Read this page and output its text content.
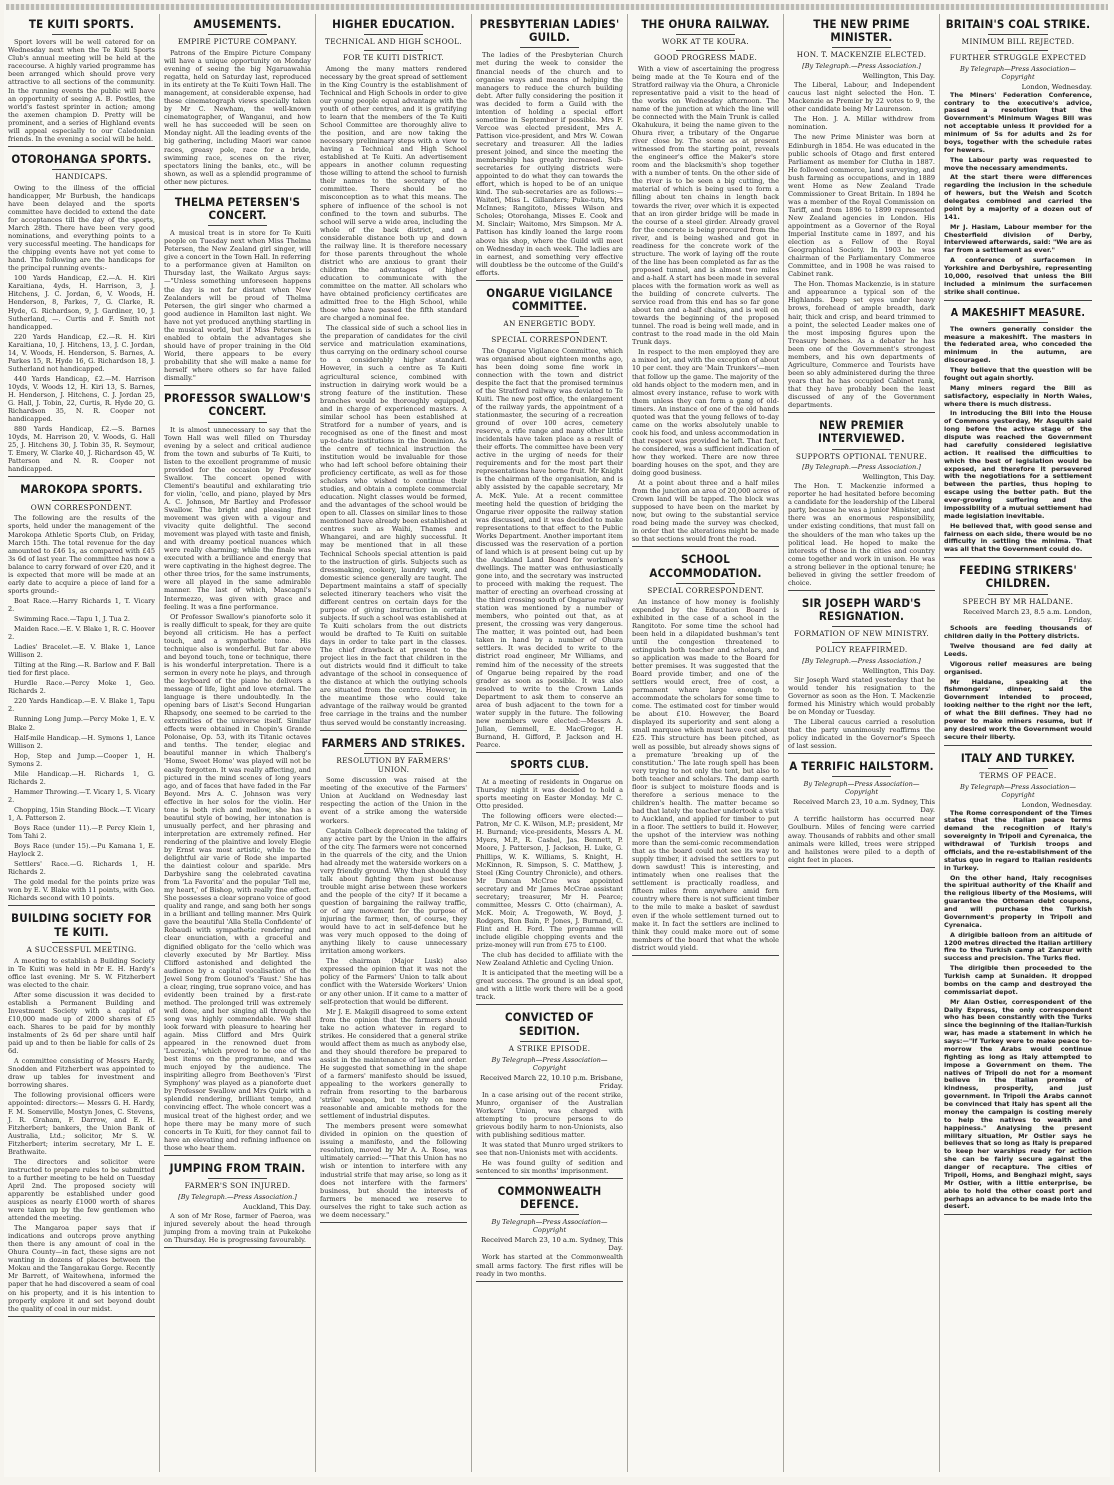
TE KUITI SPORTS.

Sport lovers will be well catered for on Wednesday next when the Te Kuiti Sports Club's annual meeting will be held at the racecourse. A highly varied programme has been arranged which should prove very attractive to all sections of the community. In the running events the public will have an opportunity of seeing A. B. Postles, the world's fastest sprinter in action; among the axemen champion D. Pretty will be prominent, and a series of Highland events will appeal especially to our Caledonian friends. In the evening a social will be held.

OTOROHANGA SPORTS.
HANDICAPS.

Owing to the illness of the official handicapper, Mr Burbush, the handicaps have been delayed and the sports committee have decided to extend the date for acceptances till the day of the sports, March 28th. There have been very good nominations, and everything points to a very successful meeting. The handicaps for the chipping events have not yet come to hand. The following are the handicaps for the principal running events:-

100 Yards Handicap, £2.—A. H. Kiri Karaitiana, 4yds, H. Harrison, 3, J. Hitchens, J. C. Jordan, 6, V. Woods, H. Henderson, 8, Parkes, 7, G. Clarke, R. Hyde, G. Richardson, 9, J. Gardiner, 10, J. Sutherland, —. Curtis and F. Smith not handicapped.

220 Yards Handicap, £2.—R. H. Kiri Karaitiana, 10, J. Hitchens, 13, J. C. Jordan, 14, V. Woods, H. Henderson, S. Barnes, A. Parkes 15, R. Hyde 16, G. Richardson 18, J. Sutherland not handicapped.

440 Yards Handicap, £2.—M. Harrison 10yds, V. Woods 12, H. Kiri 13, S. Barnes, H. Henderson, J. Hitchens, C. J. Jordan 25, G. Hall, J. Tobin, 22, Curtis, R. Hyde 20, G. Richardson 35, N. R. Cooper not handicapped.

880 Yards Handicap, £2.—S. Barnes 10yds, M. Harrison 20, V. Woods, G. Hall 25, J. Hitchens 30, J. Tobin 35, R. Seymour, T. Emery, W. Clarke 40, J. Richardson 45, W. Patterson and N. R. Cooper not handicapped.

MAROKOPA SPORTS.
OWN CORRESPONDENT.

The following are the results of the sports, held under the management of the Marokopa Athletic Sports Club, on Friday, March 15th. The total revenue for the day amounted to £46 1s, as compared with £45 3s 6d of last year. The committee has now a balance to carry forward of over £20, and it is expected that more will be made at an early date to acquire a piece of land for a sports ground:-

Boat Race.—Harry Richards 1, T. Vicary 2.

Swimming Race.—Tapu 1, J. Tua 2.

Maiden Race.—E. V. Blake 1, R. C. Hoover 2.

Ladies' Bracelet.—E. V. Blake 1, Lance Willison 2.

Tilting at the Ring.—R. Barlow and F. Ball tied for first place.

Hurdle Race.—Percy Moke 1, Geo. Richards 2.

220 Yards Handicap.—E. V. Blake 1, Tapu 2.

Running Long Jump.—Percy Moke 1, E. V. Blake 2.

Half-mile Handicap.—H. Symons 1, Lance Willison 2.

Hop, Step and Jump.—Cooper 1, H. Symons 2.

Mile Handicap.—H. Richards 1, G. Richards 2.

Hammer Throwing.—T. Vicary 1, S. Vicary 2.

Chopping, 15in Standing Block.—T. Vicary 1, A. Patterson 2.

Boys Race (under 11).—P. Percy Klein 1, Tom Tahi 2.

Boys Race (under 15).—Pu Kamana 1, E. Haylock 2.

Settlers' Race.—G. Richards 1, H. Richards 2.

The gold medal for the points prize was won by E. V. Blake with 11 points, with Geo. Richards second with 10 points.

BUILDING SOCIETY FOR TE KUITI.
A SUCCESSFUL MEETING.

A meeting to establish a Building Society in Te Kuiti was held in Mr E. H. Hardy's office last evening. Mr S. W. Fitzherbert was elected to the chair.

After some discussion it was decided to establish a Permanent Building and Investment Society with a capital of £10,000 made up of 2000 shares of £5 each. Shares to be paid for by monthly instalments of 2s 6d per share until half paid up and to then be liable for calls of 2s 6d.

A committee consisting of Messrs Hardy, Snodden and Fitzherbert was appointed to draw up tables for investment and borrowing shares.

The following provisional officers were appointed: directors:— Messrs G. H. Hardy, F. M. Somerville, Mostyn Jones, C. Stevens, J. R. Graham, F. Darrow, and E. H. Fitzherbert; bankers, the Union Bank of Australia, Ltd.; solicitor, Mr S. W. Fitzherbert; interim secretary, Mr L. E. Brathwaite.

The directors and solicitor were instructed to prepare rules to be submitted to a further meeting to be held on Tuesday April 2nd. The proposed society will apparently be established under good auspices as nearly £1000 worth of shares were taken up by the few gentlemen who attended the meeting.

The Mangaroa paper says that if indications and outcrops prove anything then there is any amount of coal in the Ohura County—in fact, these signs are not wanting in dozens of places between the Mokau and the Tangarakau Gorge. Recently Mr Barrett, of Waitewhena, informed the paper that he had discovered a seam of coal on his property, and it is his intention to properly explore it and set beyond doubt the quality of coal in our midst.

AMUSEMENTS.
EMPIRE PICTURE COMPANY.

Patrons of the Empire Picture Company will have a unique opportunity on Monday evening of seeing the big Ngaruawahia regatta, held on Saturday last, reproduced in its entirety at the Te Kuiti Town Hall. The management, at considerable expense, had these cinematograph views specially taken by Mr C. Newham, the well-known cinematographer, of Wanganui, and how well he has succeeded will be seen on Monday night. All the leading events of the big gathering, including Maori war canoe races, greasy pole, race for a bride, swimming race, scenes on the river, spectators lining the banks, etc., will be shown, as well as a splendid programme of other new pictures.

THELMA PETERSEN'S CONCERT.

A musical treat is in store for Te Kuiti people on Tuesday next when Miss Thelma Petersen, the New Zealand girl singer, will give a concert in the Town Hall. In referring to a performance given at Hamilton on Thursday last, the Waikato Argus says:—"Unless something unforeseen happens the day is not far distant when New Zealanders will be proud of Thelma Petersen, the girl singer who charmed a good audience in Hamilton last night. We have not yet produced anything startling in the musical world, but if Miss Petersen is enabled to obtain the advantages she should have of proper training in the Old World, there appears to be every probability that she will make a name for herself where others so far have failed dismally."

PROFESSOR SWALLOW'S CONCERT.

It is almost unnecessary to say that the Town Hall was well filled on Thursday evening by a select and critical audience from the town and suburbs of Te Kuiti, to listen to the excellent programme of music provided for the occasion by Professor Swallow. The concert opened with Clementi's beautiful and exhilarating trio for violin, 'cello, and piano, played by Mrs A. C. Johnson, Mr Bartley and Professor Swallow. The bright and pleasing first movement was given with a vigour and vivacity quite delightful. The second movement was played with taste and finish, and with dreamy poetical nuances which were really charming; while the finale was executed with a brilliance and energy that were captivating in the highest degree. The other three trios, for the same instruments, were all played in the same admirable manner. The last of which, Mascagni's Intermezzo, was given with grace and feeling. It was a fine performance.

Of Professor Swallow's pianoforte solo it is really difficult to speak, for they are quite beyond all criticism. He has a perfect touch, and a sympathetic tone. His technique also is wonderful. But far above and beyond touch, tone or technique, there is his wonderful interpretation. There is a sermon in every note he plays, and through the keyboard of the piano he delivers a message of life, light and love eternal. The language is there undoubtedly. In the opening bars of Liszt's Second Hungarian Rhapsody, one seemed to be carried to the extremities of the universe itself. Similar effects were obtained in Chopin's Grande Polonaise, Op. 53, with its Titanic octaves and tenths. The tender, elegiac and beautiful manner in which Thalberg's 'Home, Sweet Home' was played will not be easily forgotten. It was really affecting, and pictured in the mind scenes of long years ago, and of faces that have faded in the Far Beyond. Mrs A. C. Johnson was very effective in her solos for the violin. Her tone is both rich and mellow, she has a beautiful style of bowing, her intonation is unusually perfect, and her phrasing and interpretation are extremely refined. Her rendering of the plaintive and lovely Elegie by Ernst was most artistic, while to the delightful air varie of Rode she imparted the daintiest colour and sparkle. Mrs Darbyshire sang the celebrated cavatina from 'La Favorita' and the popular 'Tell me, my heart,' of Bishop, with really fine effect. She possesses a clear soprano voice of good quality and range, and sang both her songs in a brilliant and telling manner. Mrs Quirk gave the beautiful 'Alla Stella Confidente' of Robaudi with sympathetic rendering and clear enunciation, with a graceful and dignified obligato for the 'cello which was cleverly executed by Mr Bartley. Miss Clifford astonished and delighted the audience by a capital vocalisation of the Jewel Song from Gounod's 'Faust.' She has a clear, ringing, true soprano voice, and has evidently been trained by a first-rate method. The prolonged trill was extremely well done, and her singing all through the song was highly commendable. We shall look forward with pleasure to hearing her again. Miss Clifford and Mrs Quirk appeared in the renowned duet from 'Lucrezia,' which proved to be one of the best items on the programme, and was much enjoyed by the audience. The inspiriting allegro from Beethoven's 'First Symphony' was played as a pianoforte duet by Professor Swallow and Mrs Quirk with a splendid rendering, brilliant tempo, and convincing effect. The whole concert was a musical treat of the highest order, and we hope there may be many more of such concerts in Te Kuiti, for they cannot fail to have an elevating and refining influence on those who hear them.

JUMPING FROM TRAIN.
FARMER'S SON INJURED.
[By Telegraph.—Press Association.]
Auckland, This Day.

A son of Mr Rose, farmer of Paeroa, was injured severely about the head through jumping from a moving train at Pukekohe on Thursday. He is progressing favourably.

HIGHER EDUCATION.
TECHNICAL AND HIGH SCHOOL.
FOR TE KUITI DISTRICT.

Among the many matters rendered necessary by the great spread of settlement in the King Country is the establishment of Technical and High Schools in order to give our young people equal advantage with the youth of other centres, and it is gratifying to learn that the members of the Te Kuiti School Committee are thoroughly alive to the position, and are now taking the necessary preliminary steps with a view to having a Technical and High School established at Te Kuiti. An advertisement appears in another column requesting those willing to attend the school to furnish their names to the secretary of the committee. There should be no misconception as to what this means. The sphere of influence of the school is not confined to the town and suburbs. The school will serve a wide area, including the whole of the back district, and a considerable distance both up and down the railway line. It is therefore necessary for those parents throughout the whole district who are anxious to grant their children the advantages of higher education to communicate with the committee on the matter. All scholars who have obtained proficiency certificates are admitted free to the High School, while those who have passed the fifth standard are charged a nominal fee.

The classical side of such a school lies in the preparation of candidates for the civil service and matriculation examinations, thus carrying on the ordinary school course to a considerably higher standard. However, in such a centre as Te Kuiti agricultural science, combined with instruction in dairying work would be a strong feature of the institution. These branches would be thoroughly equipped, and in charge of experienced masters. A similar school has been established at Stratford for a number of years, and is recognised as one of the finest and most up-to-date institutions in the Dominion. As the centre of technical instruction the institution would be invaluable for those who had left school before obtaining their proficiency certificate, as well as for those scholars who wished to continue their studies, and obtain a complete commercial education. Night classes would be formed, and the advantages of the school would be open to all. Classes on similar lines to those mentioned have already been established at centres such as Waihi, Thames and Whangarei, and are highly successful. It may be mentioned that in all these Technical Schools special attention is paid to the instruction of girls. Subjects such as dressmaking, cookery, laundry work, and domestic science generally are taught. The Department maintains a staff of specially selected itinerary teachers who visit the different centres on certain days for the purpose of giving instruction in certain subjects. If such a school was established at Te Kuiti scholars from the out districts would be drafted to Te Kuiti on suitable days in order to take part in the classes. The chief drawback at present to the project lies in the fact that children in the out districts would find it difficult to take advantage of the school in consequence of the distance at which the outlying schools are situated from the centre. However, in the meantime those who could take advantage of the railway would be granted free carriage in the trains and the number thus served would be constantly increasing.

FARMERS AND STRIKES.
RESOLUTION BY FARMERS' UNION.

Some discussion was raised at the meeting of the executive of the Farmers' Union at Auckland on Wednesday last respecting the action of the Union in the event of a strike among the waterside workers.

Captain Colbeck deprecated the taking of any active part by the Union in the affairs of the city. The farmers were not concerned in the quarrels of the city, and the Union had already met the waterside workers on a very friendly ground. Why then should they talk about fighting them just because trouble might arise between these workers and the people of the city? If it became a question of bargaining the railway traffic, or of any movement for the purpose of injuring the farmer, then, of course, they would have to act in self-defence but he was very much opposed to the doing of anything likely to cause unnecessary irritation among workers.

The chairman (Major Lusk) also expressed the opinion that it was not the policy of the Farmers' Union to talk about conflict with the Waterside Workers' Union or any other union. If it came to a matter of self-protection that would be different.

Mr J. E. Makgill disagreed to some extent from the opinion that the farmers should take no action whatever in regard to strikes. He considered that a general strike would affect them as much as anybody else, and they should therefore be prepared to assist in the maintenance of law and order. He suggested that something in the shape of a farmers' manifesto should be issued, appealing to the workers generally to refrain from resorting to the barbarous 'strike' weapon, but to rely on more reasonable and amicable methods for the settlement of industrial disputes.

The members present were somewhat divided in opinion on the question of issuing a manifesto, and the following resolution, moved by Mr A. A. Rose, was ultimately carried:—"That this Union has no wish or intention to interfere with any industrial strife that may arise, so long as it does not interfere with the farmers' business, but should the interests of farmers be menaced we reserve to ourselves the right to take such action as we deem necessary."

PRESBYTERIAN LADIES' GUILD.

The ladies of the Presbyterian Church met during the week to consider the financial needs of the church and to organise ways and means of helping the managers to reduce the church building debt. After fully considering the position it was decided to form a Guild with the intention of holding a special effort sometime in September if possible. Mrs F. Vercoe was elected president, Mrs A. Pattison vice-president, and Mrs W. Cowan secretary and treasurer. All the ladies present joined, and since the meeting the membership has greatly increased. Sub-secretaries for outlying districts were appointed to do what they can towards the effort, which is hoped to be of an unique kind. The sub-secretaries are as follows:—Waitetī, Miss L. Gillanders; Puke-tutu, Mrs McInnes; Rangitoto, Misses Wilson and Scholes; Otorohanga, Misses E. Cook and M. Sinclair; Waitomo, Mrs Simpson. Mr A. Pattison has kindly loaned the large room above his shop, where the Guild will meet on Wednesday in each week. The ladies are in earnest, and something very effective will doubtless be the outcome of the Guild's efforts.

ONGARUE VIGILANCE COMMITTEE.
AN ENERGETIC BODY.
SPECIAL CORRESPONDENT.

The Ongarue Vigilance Committee, which was organised about eighteen months ago, has been doing some fine work in connection with the town and district despite the fact that the promised terminus of the Stratford railway was deviated to Te Kuiti. The new post office, the enlargement of the railway yards, the appointment of a stationmaster, the securing of a recreation ground of over 100 acres, cemetery reserve, a rifle range and many other little incidentals have taken place as a result of their efforts. The committee have been very active in the urging of needs for their requirements and for the most part their representations have borne fruit. Mr Knight is the chairman of the organisation, and is ably assisted by the capable secretary, Mr A. McK. Yule. At a recent committee meeting held the question of bridging the Ongarue river opposite the railway station was discussed, and it was decided to make representations to that effect to the Public Works Department. Another important item discussed was the reservation of a portion of land which is at present being cut up by the Auckland Land Board for workmen's dwellings. The matter was enthusiastically gone into, and the secretary was instructed to proceed with making the request. The matter of erecting an overhead crossing at the third crossing south of Ongarue railway station was mentioned by a number of members, who pointed out that, as at present, the crossing was very dangerous. The matter, it was pointed out, had been taken in hand by a number of Ohura settlers. It was decided to write to the district road engineer, Mr Williams, and remind him of the necessity of the streets of Ongarue being repaired by the road grader as soon as possible. It was also resolved to write to the Crown Lands Department to ask them to conserve an area of bush adjacent to the town for a water supply in the future. The following new members were elected:—Messrs A. Julian, Gemmell, E. MacGregor, H. Burnand, H. Gifford, P. Jackson and H. Pearce.

SPORTS CLUB.

At a meeting of residents in Ongarue on Thursday night it was decided to hold a sports meeting on Easter Monday. Mr C. Otto presided.

The following officers were elected:—Patron, Mr C. K. Wilson, M.P.; president, Mr H. Burnand; vice-presidents, Messrs A. M. Myers, M.P., R. Cashel, Jas. Bennett, P. Moore, J. Patterson, J. Jackson, H. Luke, G. Phillips, W. K. Williams, S. Knight, H. McKinnon, R. Simpson, S. C. Matthew, J. Steel (King Country Chronicle), and others. Mr Duncan McCrae was appointed secretary and Mr James McCrae assistant secretary; treasurer, Mr H. Pearce; committee, Messrs C. Otto (chairman), A. McK. Moir, A. Tregoweth, W. Boyd, J. Rodgers, Ron Bain, P. Jones, J. Burnand, C. Flint and H. Ford. The programme will include eligible chopping events and the prize-money will run from £75 to £100.

The club has decided to affiliate with the New Zealand Athletic and Cycling Union.

It is anticipated that the meeting will be a great success. The ground is an ideal spot, and with a little work there will be a good track.

CONVICTED OF SEDITION.
A STRIKE EPISODE.
By Telegraph—Press Association—Copyright
Received March 22, 10.10 p.m. Brisbane, Friday.

In a case arising out of the recent strike, Munro, organiser of the Australian Workers' Union, was charged with attempting to procure persons to do grievous bodily harm to non-Unionists, also with publishing seditious matter.

It was stated that Munro urged strikers to see that non-Unionists met with accidents.

He was found guilty of sedition and sentenced to six months' imprisonment.

COMMONWEALTH DEFENCE.
By Telegraph—Press Association—Copyright
Received March 23, 10 a.m. Sydney, This Day.

Work has started at the Commonwealth small arms factory. The first rifles will be ready in two months.

THE OHURA RAILWAY.
WORK AT TE KOURA.
GOOD PROGRESS MADE.

With a view of ascertaining the progress being made at the Te Koura end of the Stratford railway via the Ohura, a Chronicle representative paid a visit to the head of the works on Wednesday afternoon. The name of the junction at which the line will be connected with the Main Trunk is called Okahukura, it being the name given to the Ohura river, a tributary of the Ongarue river close by. The scene as at present witnessed from the starting point, reveals the engineer's office the Maker's store room and the blacksmith's shop together with a number of tents. On the other side of the river is to be seen a big cutting, the material of which is being used to form a filling about ten chains in length back towards the river, over which it is expected that an iron girder bridge will be made in the course of a steel girder. Already gravel for the concrete is being procured from the river, and is being washed and got in readiness for the concrete work of the structure. The work of laying off the route of the line has been completed as far as the proposed tunnel, and is almost two miles and a-half. A start has been made in several places with the formation work as well as the building of concrete culverts. The service road from this end has so far gone about ten and a-half chains, and is well on towards the beginning of the proposed tunnel. The road is being well made, and in contrast to the road made in the old Main Trunk days.

In respect to the men employed they are a mixed lot, and with the exception of about 10 per cent. they are 'Main Trunkers'—men that follow up the game. The majority of the old hands object to the modern men, and in almost every instance, refuse to work with them unless they can form a gang of old-timers. An instance of one of the old hands quoted was that the young fellows of to-day came on the works absolutely unable to cook his food, and unless accommodation in that respect was provided he left. That fact, he considered, was a sufficient indication of how they worked. There are now three boarding houses on the spot, and they are doing good business.

At a point about three and a half miles from the junction an area of 20,000 acres of Crown land will be tapped. The block was supposed to have been on the market by now, but owing to the substantial service road being made the survey was checked, in order that the alterations might be made so that sections would front the road.

SCHOOL ACCOMMODATION.
SPECIAL CORRESPONDENT.

An instance of how money is foolishly expended by the Education Board is exhibited in the case of a school in the Rangitoto. For some time the school had been held in a dilapidated bushman's tent until the congestion threatened to extinguish both teacher and scholars, and so application was made to the Board for better premises. It was suggested that the Board provide timber, and one of the settlers would erect, free of cost, a permanent whare large enough to accommodate the scholars for some time to come. The estimated cost for timber would be about £10. However, the Board displayed its superiority and sent along a small marquee which must have cost about £25. This structure has been pitched, as well as possible, but already shows signs of a premature 'breaking up of the constitution.' The late rough spell has been very trying to not only the tent, but also to both teacher and scholars. The damp earth floor is subject to moisture floods and is therefore a serious menace to the children's health. The matter became so bad that lately the teacher undertook a visit to Auckland, and applied for timber to put in a floor. The settlers to build it. However, the upshot of the interview was nothing more than the semi-comic recommendation that as the board could not see its way to supply timber, it advised the settlers to put down sawdust! This is interesting, and intimately when one realises that the settlement is practically roadless, and fifteen miles from anywhere amid fern country where there is not sufficient timber to the mile to make a basket of sawdust even if the whole settlement turned out to make it. In fact the settlers are inclined to think they could make more out of some members of the board that what the whole district would yield.

THE NEW PRIME MINISTER.
HON. T. MACKENZIE ELECTED.
[By Telegraph.—Press Association.]
Wellington, This Day.

The Liberal, Labour, and Independent caucus last night selected the Hon. T. Mackenzie as Premier by 22 votes to 9, the other candidate being Mr Laurenson.

The Hon. J. A. Millar withdrew from nomination.

The new Prime Minister was born at Edinburgh in 1854. He was educated in the public schools of Otago and first entered Parliament as member for Clutha in 1887. He followed commerce, land surveying, and bush farming as occupations, and in 1889 went Home as New Zealand Trade Commissioner to Great Britain. In 1894 he was a member of the Royal Commission on Tariff, and from 1896 to 1899 represented New Zealand agencies in London. His appointment as a Governor of the Royal Imperial Institute came in 1897, and his election as a Fellow of the Royal Geographical Society. In 1903 he was chairman of the Parliamentary Commerce Committee, and in 1908 he was raised to Cabinet rank.

The Hon. Thomas Mackenzie, is in stature and appearance a typical son of the Highlands. Deep set eyes under heavy brows, forehead of ample breadth, dark hair, thick and crisp, and beard trimmed to a point, the selected Leader makes one of the most imposing figures upon the Treasury benches. As a debater he has been one of the Government's strongest members, and his own departments of Agriculture, Commerce and Tourists have been so ably administered during the three years that he has occupied Cabinet rank, that they have probably been the least discussed of any of the Government departments.

NEW PREMIER INTERVIEWED.
SUPPORTS OPTIONAL TENURE.
[By Telegraph.—Press Association.]
Wellington, This Day.

The Hon. T. Mackenzie informed a reporter he had hesitated before becoming a candidate for the leadership of the Liberal party, because he was a junior Minister, and there was an enormous responsibility, under existing conditions, that must fall on the shoulders of the man who takes up the political lead. He hoped to make the interests of those in the cities and country come together and work in unison. He was a strong believer in the optional tenure; he believed in giving the settler freedom of choice.

SIR JOSEPH WARD'S RESIGNATION.
FORMATION OF NEW MINISTRY.
POLICY REAFFIRMED.
[By Telegraph.—Press Association.]
Wellington, This Day.

Sir Joseph Ward stated yesterday that he would tender his resignation to the Governor as soon as the Hon. T. Mackenzie formed his Ministry which would probably be on Monday or Tuesday.

The Liberal caucus carried a resolution that the party unanimously reaffirms the policy indicated in the Governor's Speech of last session.

A TERRIFIC HAILSTORM.
By Telegraph—Press Association—Copyright
Received March 23, 10 a.m. Sydney, This Day.

A terrific hailstorm has occurred near Goulburn. Miles of fencing were carried away. Thousands of rabbits and other small animals were killed, trees were stripped and hailstones were piled to a depth of eight feet in places.

BRITAIN'S COAL STRIKE.
MINIMUM BILL REJECTED.
FURTHER STRUGGLE EXPECTED
By Telegraph—Press Association—Copyright
London, Wednesday.

The Miners' Federation Conference, contrary to the executive's advice, passed a resolution that the Government's Minimum Wages Bill was not acceptable unless it provided for a minimum of 5s for adults and 2s for boys, together with the schedule rates for hewers.

The Labour party was requested to move the necessary amendments.

At the start there were differences regarding the inclusion in the schedule of hewers, but the Welsh and Scotch delegates combined and carried the point by a majority of a dozen out of 141.

Mr J. Haslam, Labour member for the Chesterfield division of Derby, interviewed afterwards, said: "We are as far from a settlement as ever."

A conference of surfacemen in Yorkshire and Derbyshire, representing 10,000, resolved that unless the Bill included a minimum the surfacemen strike shall continue.

A MAKESHIFT MEASURE.

The owners generally consider the measure a makeshift. The masters in the federated area, who conceded the minimum in the autumn, are discouraged.

They believe that the question will be fought out again shortly.

Many miners regard the Bill as satisfactory, especially in North Wales, where there is much distress.

In introducing the Bill into the House of Commons yesterday, Mr Asquith said long before the active stage of the dispute was reached the Government had carefully considered legislative action. It realised the difficulties to which the best of legislation would be exposed, and therefore it persevered with the negotiations for a settlement between the parties, thus hoping to escape using the better path. But the ever-growing suffering and the impossibility of a mutual settlement had made legislation inevitable.

He believed that, with good sense and fairness on each side, there would be no difficulty in settling the minima. That was all that the Government could do.

FEEDING STRIKERS' CHILDREN.
SPEECH BY MR HALDANE.
Received March 23, 8.5 a.m. London, Friday.

Schools are feeding thousands of children daily in the Pottery districts.

Twelve thousand are fed daily at Leeds.

Vigorous relief measures are being organised.

Mr Haldane, speaking at the fishmongers' dinner, said the Government intended to proceed, looking neither to the right nor the left, of what the Bill defines. They had no power to make miners resume, but if any desired work the Government would secure their liberty.

ITALY AND TURKEY.
TERMS OF PEACE.
By Telegraph—Press Association—Copyright
London, Wednesday.

The Rome correspondent of the Times states that the Italian peace terms demand the recognition of Italy's sovereignty in Tripoli and Cyrenaica, the withdrawal of Turkish troops and officials, and the re-establishment of the status quo in regard to Italian residents in Turkey.

On the other hand, Italy recognises the spiritual authority of the Khalif and the religious liberty of the Moslems, will guarantee the Ottoman debt coupons, and will purchase the Turkish Government's property in Tripoli and Cyrenaica.

A dirigible balloon from an altitude of 1200 metres directed the Italian artillery fire to the Turkish camp at Zanzur with success and precision. The Turks fled.

The dirigible then proceeded to the Turkish camp at Sunaiden. It dropped bombs on the camp and destroyed the commissariat depot.

Mr Alan Ostler, correspondent of the Daily Express, the only correspondent who has been constantly with the Turks since the beginning of the Italian-Turkish war, has made a statement in which he says:—"If Turkey were to make peace to-morrow the Arabs would continue fighting as long as Italy attempted to impose a Government on them. The natives of Tripoli do not for a moment believe in the Italian promise of kindness, prosperity, and just government. In Tripoli the Arabs cannot be convinced that Italy has spent all the money the campaign is costing merely to help the natives to wealth and happiness." Analysing the present military situation, Mr Ostler says he believes that so long as Italy is prepared to keep her warships ready for action she can be fairly secure against the danger of recapture. The cities of Tripoli, Homs, and Benghazi might, says Mr Ostler, with a little enterprise, be able to hold the other coast port and perhaps an advance to be made into the desert.
